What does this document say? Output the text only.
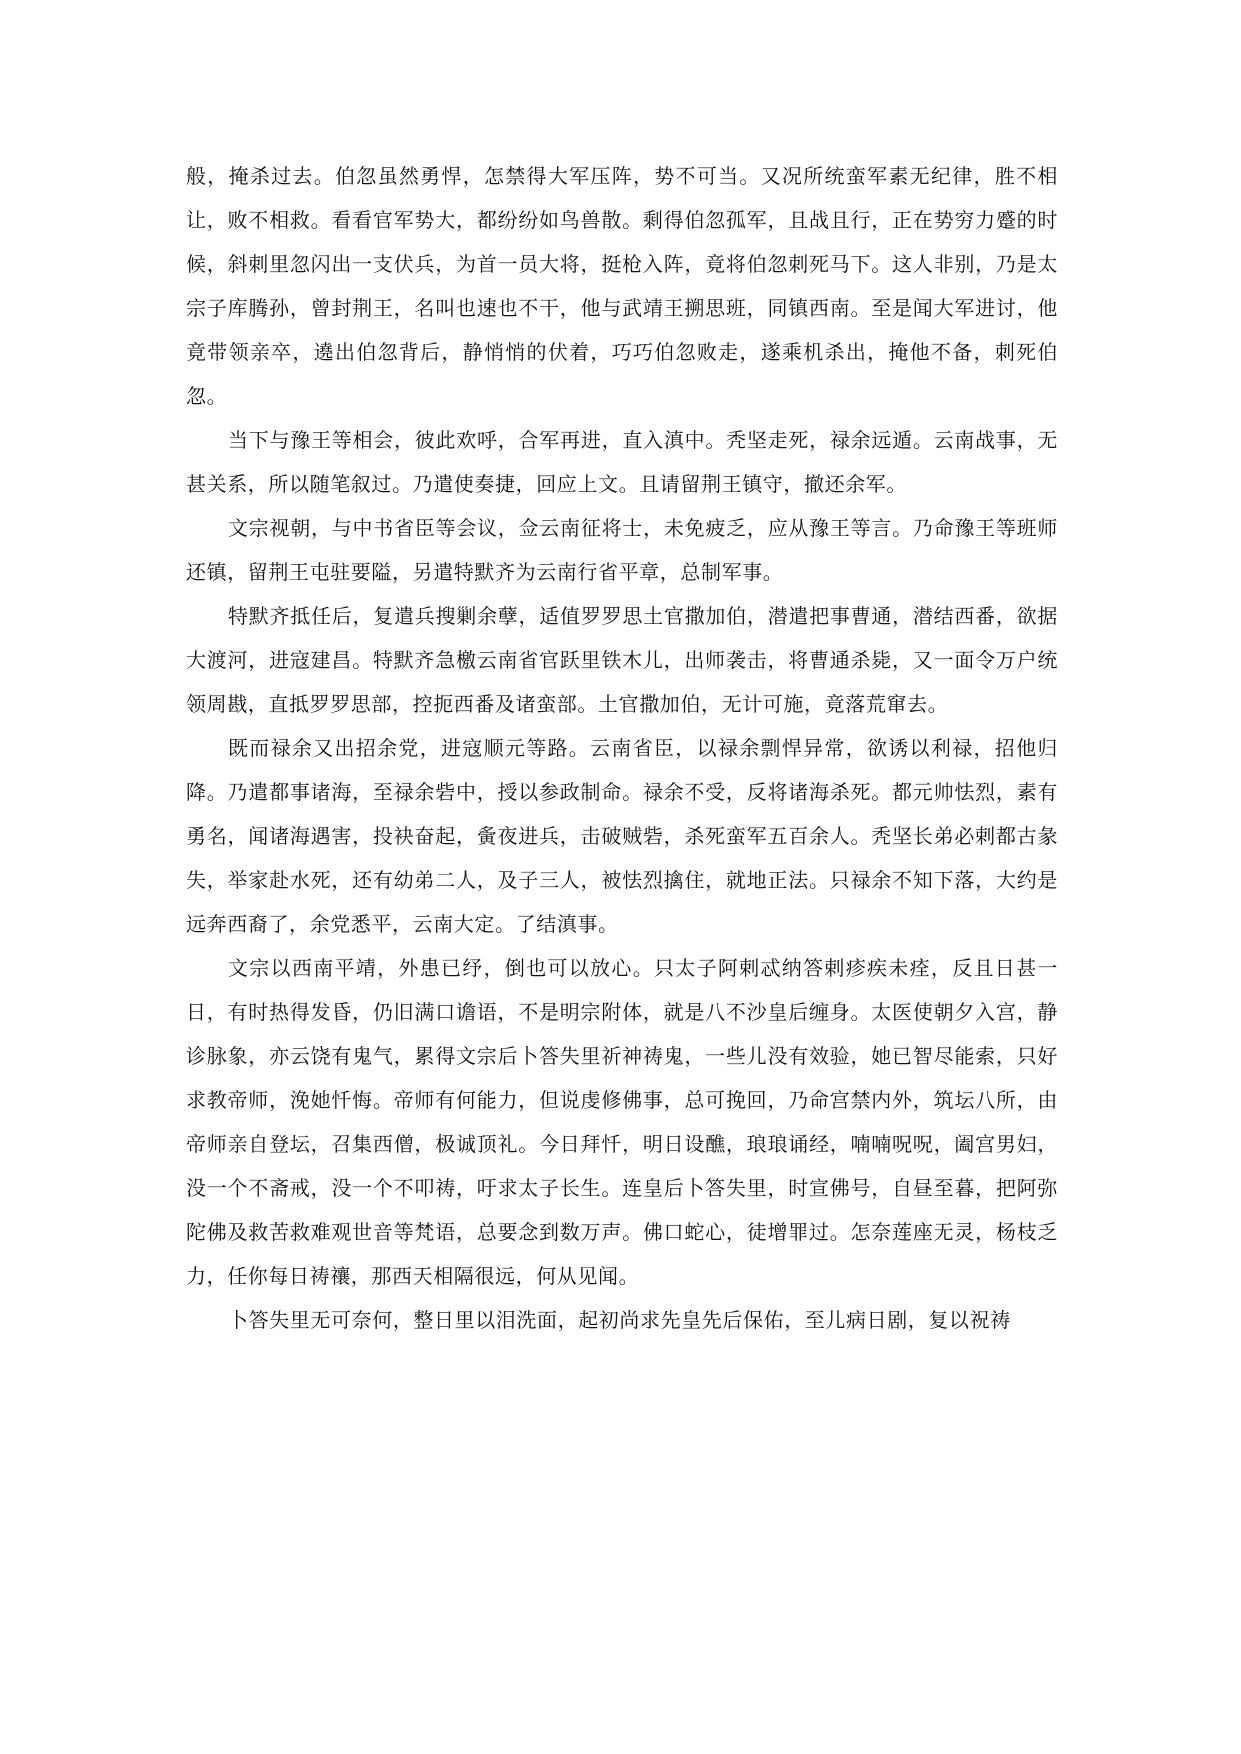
般，掩杀过去。伯忽虽然勇悍，怎禁得大军压阵，势不可当。又况所统蛮军素无纪律，胜不相让，败不相救。看看官军势大，都纷纷如鸟兽散。剩得伯忽孤军，且战且行，正在势穷力蹙的时候，斜刺里忽闪出一支伏兵，为首一员大将，挺枪入阵，竟将伯忽刺死马下。这人非别，乃是太宗子库腾孙，曾封荆王，名叫也速也不干，他与武靖王搠思班，同镇西南。至是闻大军进讨，他竟带领亲卒，遶出伯忽背后，静悄悄的伏着，巧巧伯忽败走，遂乘机杀出，掩他不备，刺死伯忽。

当下与豫王等相会，彼此欢呼，合军再进，直入滇中。秃坚走死，禄余远遁。云南战事，无甚关系，所以随笔叙过。乃遣使奏捷，回应上文。且请留荆王镇守，撤还余军。

文宗视朝，与中书省臣等会议，佥云南征将士，未免疲乏，应从豫王等言。乃命豫王等班师还镇，留荆王屯驻要隘，另遣特默齐为云南行省平章，总制军事。

特默齐抵任后，复遣兵搜剿余孽，适值罗罗思土官撒加伯，潜遣把事曹通，潜结西番，欲据大渡河，进寇建昌。特默齐急檄云南省官跃里铁木儿，出师袭击，将曹通杀毙，又一面令万户统领周戡，直抵罗罗思部，控扼西番及诸蛮部。土官撒加伯，无计可施，竟落荒窜去。

既而禄余又出招余党，进寇顺元等路。云南省臣，以禄余剽悍异常，欲诱以利禄，招他归降。乃遣都事诸海，至禄余砦中，授以参政制命。禄余不受，反将诸海杀死。都元帅怯烈，素有勇名，闻诸海遇害，投袂奋起，夤夜进兵，击破贼砦，杀死蛮军五百余人。秃坚长弟必剌都古彖失，举家赴水死，还有幼弟二人，及子三人，被怯烈擒住，就地正法。只禄余不知下落，大约是远奔西裔了，余党悉平，云南大定。了结滇事。

文宗以西南平靖，外患已纾，倒也可以放心。只太子阿剌忒纳答剌疹疾未痊，反且日甚一日，有时热得发昏，仍旧满口谵语，不是明宗附体，就是八不沙皇后缠身。太医使朝夕入宫，静诊脉象，亦云饶有鬼气，累得文宗后卜答失里祈神祷鬼，一些儿没有效验，她已智尽能索，只好求教帝师，浼她忏悔。帝师有何能力，但说虔修佛事，总可挽回，乃命宫禁内外，筑坛八所，由帝师亲自登坛，召集西僧，极诚顶礼。今日拜忏，明日设醮，琅琅诵经，喃喃呪呪，阖宫男妇，没一个不斋戒，没一个不叩祷，吁求太子长生。连皇后卜答失里，时宣佛号，自昼至暮，把阿弥陀佛及救苦救难观世音等梵语，总要念到数万声。佛口蛇心，徒增罪过。怎奈莲座无灵，杨枝乏力，任你每日祷禳，那西天相隔很远，何从见闻。

卜答失里无可奈何，整日里以泪洗面，起初尚求先皇先后保佑，至儿病日剧，复以祝祷
